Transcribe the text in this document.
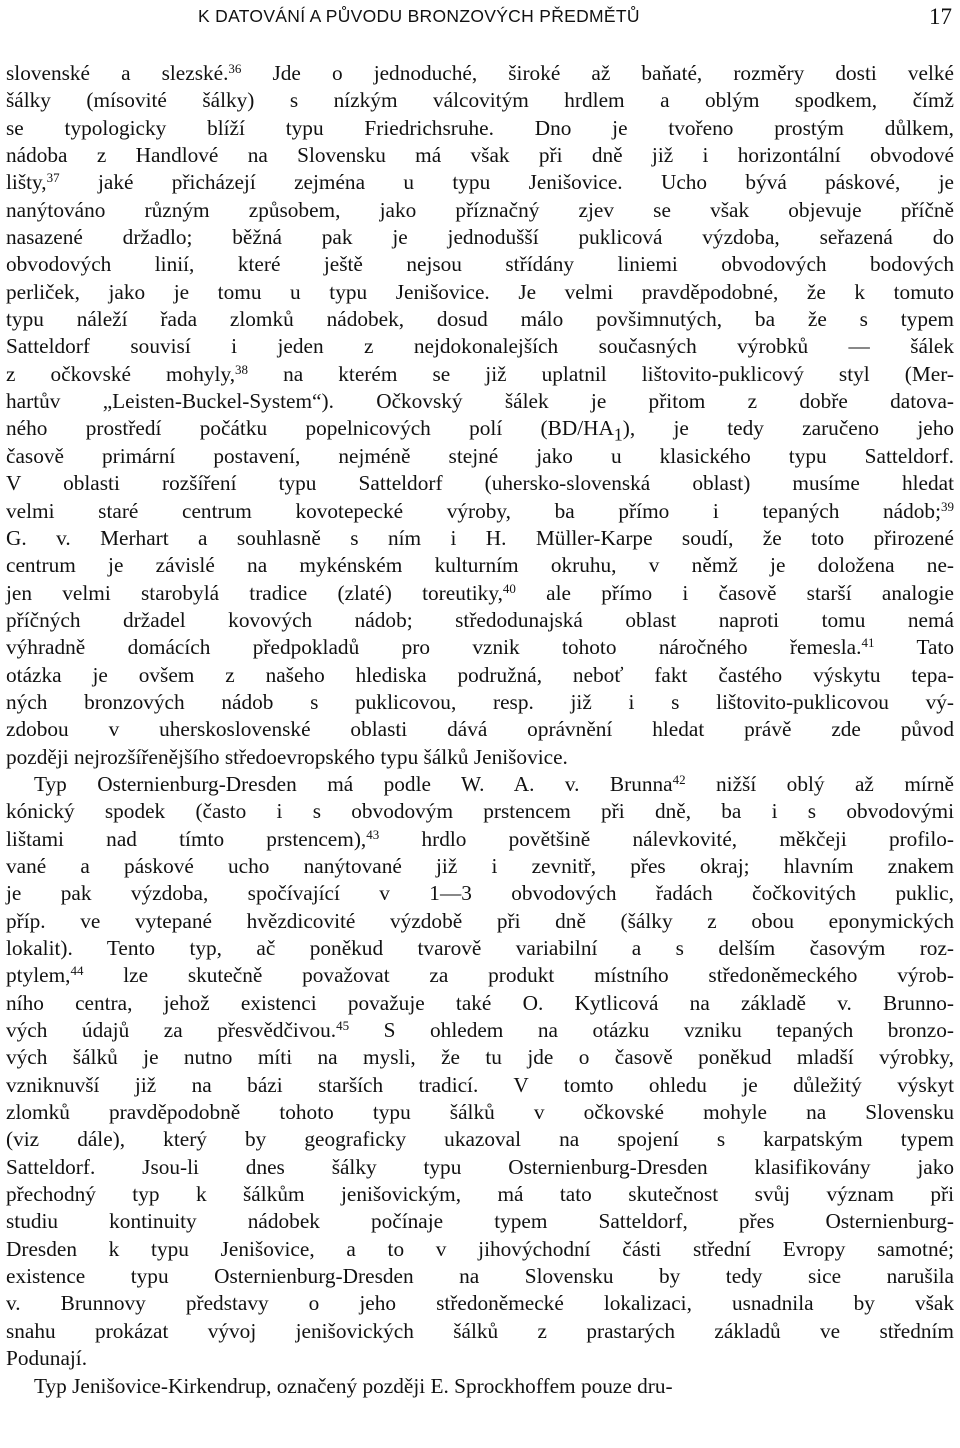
K DATOVÁNÍ A PŮVODU BRONZOVÝCH PŘEDMĚTŮ	17
slovenské a slezské.$^{36}$ Jde o jednoduché, široké až baňaté, rozměry dosti velké
šálky (mísovité šálky) s nízkým válcovitým hrdlem a oblým spodkem, čímž
se typologicky blíží typu Friedrichsruhe. Dno je tvořeno prostým důlkem,
nádoba z Handlové na Slovensku má však při dně již i horizontální obvodové
lišty,$^{37}$ jaké přicházejí zejména u typu Jenišovice. Ucho bývá páskové, je
nanýtováno různým způsobem, jako příznačný zjev se však objevuje příčně
nasazené držadlo; běžná pak je jednodušší puklicová výzdoba, seřazená do
obvodových linií, které ještě nejsou střídány liniemi obvodových bodových
perliček, jako je tomu u typu Jenišovice. Je velmi pravděpodobné, že k tomuto
typu náleží řada zlomků nádobek, dosud málo povšimnutých, ba že s typem
Satteldorf souvisí i jeden z nejdokonalejších současných výrobků — šálek
z očkovské mohyly,$^{38}$ na kterém se již uplatnil lištovito-puklicový styl (Mer-
hartův „Leisten-Buckel-System“). Očkovský šálek je přitom z dobře datova-
ného prostředí počátku popelnicových polí $(BD/HA_1)$, je tedy zaručeno jeho
časově primární postavení, nejméně stejné jako u klasického typu Satteldorf.
V oblasti rozšíření typu Satteldorf (uhersko-slovenská oblast) musíme hledat
velmi staré centrum kovotepecké výroby, ba přímo i tepaných nádob;$^{39}$
G. v. Merhart a souhlasně s ním i H. Müller-Karpe soudí, že toto přirozené
centrum je závislé na mykénském kulturním okruhu, v němž je doložena ne-
jen velmi starobylá tradice (zlaté) toreutiky,$^{40}$ ale přímo i časově starší analogie
příčných držadel kovových nádob; středodunajská oblast naproti tomu nemá
výhradně domácích předpokladů pro vznik tohoto náročného řemesla.$^{41}$ Tato
otázka je ovšem z našeho hlediska podružná, neboť fakt častého výskytu tepa-
ných bronzových nádob s puklicovou, resp. již i s lištovito-puklicovou vý-
zdobou v uherskoslovenské oblasti dává oprávnění hledat právě zde původ
později nejrozšířenějšího středoevropského typu šálků Jenišovice.
Typ Osternienburg-Dresden má podle W. A. v. Brunna$^{42}$ nižší oblý až mírně
kónický spodek (často i s obvodovým prstencem při dně, ba i s obvodovými
lištami nad tímto prstencem),$^{43}$ hrdlo povětšině nálevkovité, měkčeji profilo-
vané a páskové ucho nanýtované již i zevnitř, přes okraj; hlavním znakem
je pak výzdoba, spočívající v 1—3 obvodových řadách čočkovitých puklic,
příp. ve vytepané hvězdicovité výzdobě při dně (šálky z obou eponymických
lokalit). Tento typ, ač poněkud tvarově variabilní a s delším časovým roz-
ptylem,$^{44}$ lze skutečně považovat za produkt místního středoněmeckého výrob-
ního centra, jehož existenci považuje také O. Kytlicová na základě v. Brunno-
vých údajů za přesvědčivou.$^{45}$ S ohledem na otázku vzniku tepaných bronzo-
vých šálků je nutno míti na mysli, že tu jde o časově poněkud mladší výrobky,
vzniknuvší již na bázi starších tradicí. V tomto ohledu je důležitý výskyt
zlomků pravděpodobně tohoto typu šálků v očkovské mohyle na Slovensku
(viz dále), který by geograficky ukazoval na spojení s karpatským typem
Satteldorf. Jsou-li dnes šálky typu Osternienburg-Dresden klasifikovány jako
přechodný typ k šálkům jenišovickým, má tato skutečnost svůj význam při
studiu kontinuity nádobek počínaje typem Satteldorf, přes Osternienburg-
Dresden k typu Jenišovice, a to v jihovýchodní části střední Evropy samotné;
existence typu Osternienburg-Dresden na Slovensku by tedy sice narušila
v. Brunnovy představy o jeho středoněmecké lokalizaci, usnadnila by však
snahu prokázat vývoj jenišovických šálků z prastarých základů ve středním
Podunají.
Typ Jenišovice-Kirkendrup, označený později E. Sprockhoffem pouze dru-
